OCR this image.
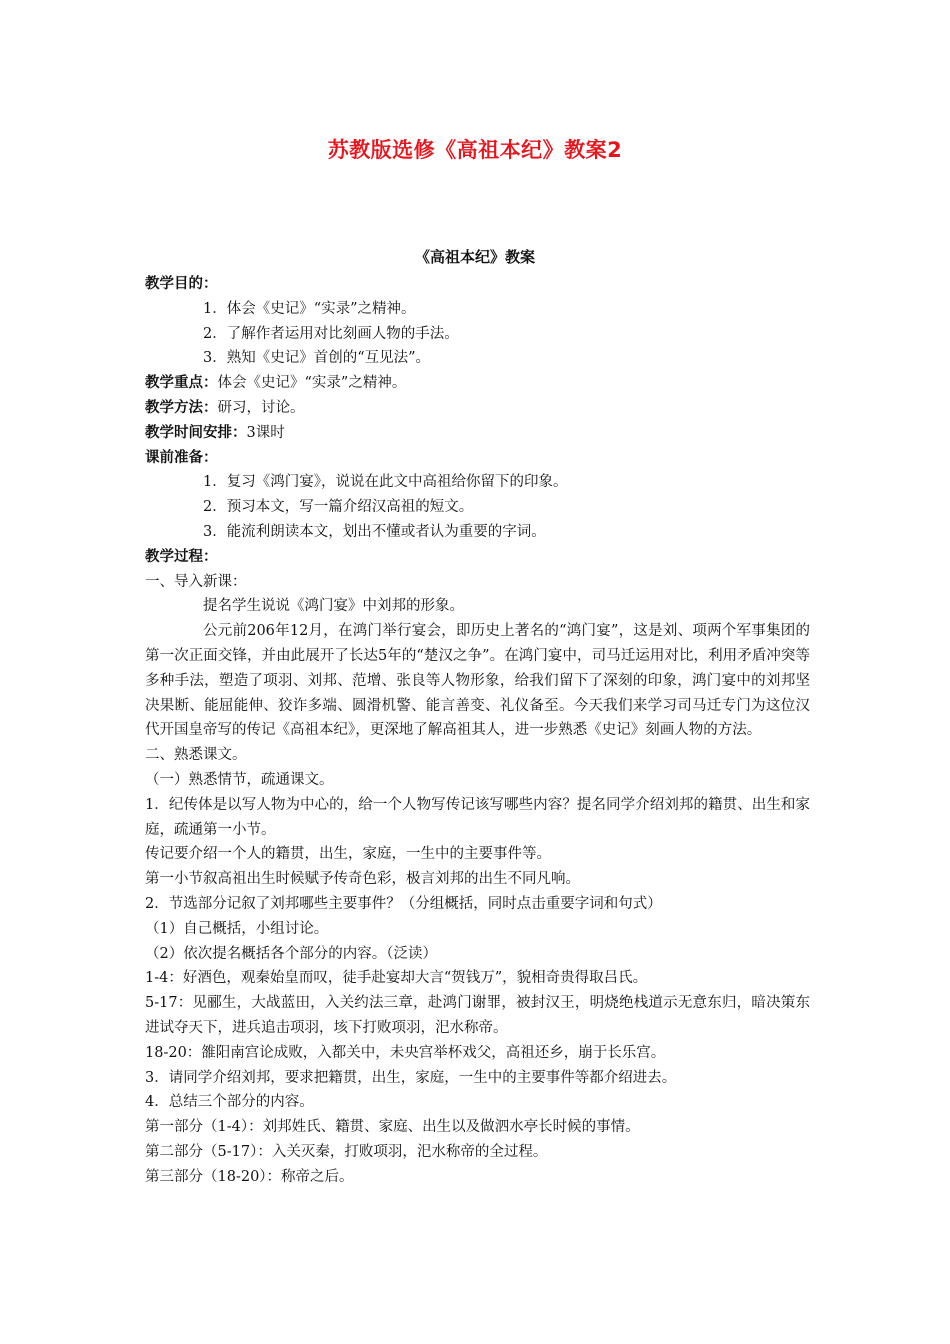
苏教版选修《高祖本纪》教案2
《高祖本纪》教案
教学目的：
1．体会《史记》“实录”之精神。
2．了解作者运用对比刻画人物的手法。
3．熟知《史记》首创的“互见法”。
教学重点：体会《史记》“实录”之精神。
教学方法：研习，讨论。
教学时间安排：3课时
课前准备：
1．复习《鸿门宴》，说说在此文中高祖给你留下的印象。
2．预习本文，写一篇介绍汉高祖的短文。
3．能流利朗读本文，划出不懂或者认为重要的字词。
教学过程：
一、导入新课：
提名学生说说《鸿门宴》中刘邦的形象。
公元前206年12月，在鸿门举行宴会，即历史上著名的“鸿门宴”，这是刘、项两个军事集团的第一次正面交锋，并由此展开了长达5年的“楚汉之争”。在鸿门宴中，司马迁运用对比，利用矛盾冲突等多种手法，塑造了项羽、刘邦、范增、张良等人物形象，给我们留下了深刻的印象，鸿门宴中的刘邦坚决果断、能屈能伸、狡诈多端、圆滑机警、能言善变、礼仪备至。今天我们来学习司马迁专门为这位汉代开国皇帝写的传记《高祖本纪》，更深地了解高祖其人，进一步熟悉《史记》刻画人物的方法。
二、熟悉课文。
（一）熟悉情节，疏通课文。
1．纪传体是以写人物为中心的，给一个人物写传记该写哪些内容？提名同学介绍刘邦的籍贯、出生和家庭，疏通第一小节。
传记要介绍一个人的籍贯，出生，家庭，一生中的主要事件等。
第一小节叙高祖出生时候赋予传奇色彩，极言刘邦的出生不同凡响。
2．节选部分记叙了刘邦哪些主要事件？（分组概括，同时点击重要字词和句式）
（1）自己概括，小组讨论。
（2）依次提名概括各个部分的内容。（泛读）
1-4：好酒色，观秦始皇而叹，徒手赴宴却大言“贺钱万”，貌相奇贵得取吕氏。
5-17：见郦生，大战蓝田，入关约法三章，赴鸿门谢罪，被封汉王，明烧绝栈道示无意东归，暗决策东进试夺天下，进兵追击项羽，垓下打败项羽，汜水称帝。
18-20：雒阳南宫论成败，入都关中，未央宫举杯戏父，高祖还乡，崩于长乐宫。
3．请同学介绍刘邦，要求把籍贯，出生，家庭，一生中的主要事件等都介绍进去。
4．总结三个部分的内容。
第一部分（1-4）：刘邦姓氏、籍贯、家庭、出生以及做泗水亭长时候的事情。
第二部分（5-17）：入关灭秦，打败项羽，汜水称帝的全过程。
第三部分（18-20）：称帝之后。
